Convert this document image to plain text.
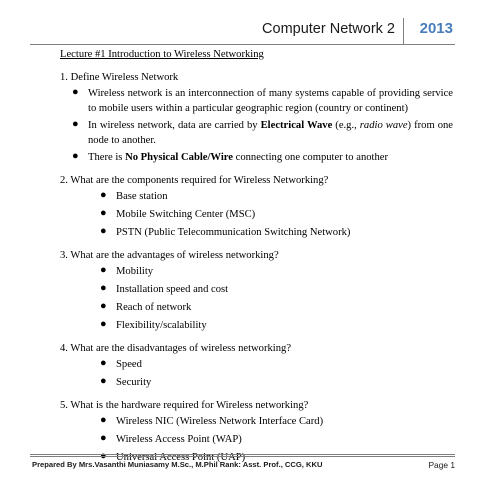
Computer Network 2 2013
Lecture #1 Introduction to Wireless Networking
1. Define Wireless Network
● Wireless network is an interconnection of many systems capable of providing service to mobile users within a particular geographic region (country or continent)
● In wireless network, data are carried by Electrical Wave (e.g., radio wave) from one node to another.
● There is No Physical Cable/Wire connecting one computer to another
2. What are the components required for Wireless Networking?
● Base station
● Mobile Switching Center (MSC)
● PSTN (Public Telecommunication Switching Network)
3. What are the advantages of wireless networking?
● Mobility
● Installation speed and cost
● Reach of network
● Flexibility/scalability
4. What are the disadvantages of wireless networking?
● Speed
● Security
5. What is the hardware required for Wireless networking?
● Wireless NIC (Wireless Network Interface Card)
● Wireless Access Point (WAP)
● Universal Access Point (UAP)
Prepared By Mrs.Vasanthi Muniasamy M.Sc., M.Phil Rank: Asst. Prof., CCG, KKU	Page 1
